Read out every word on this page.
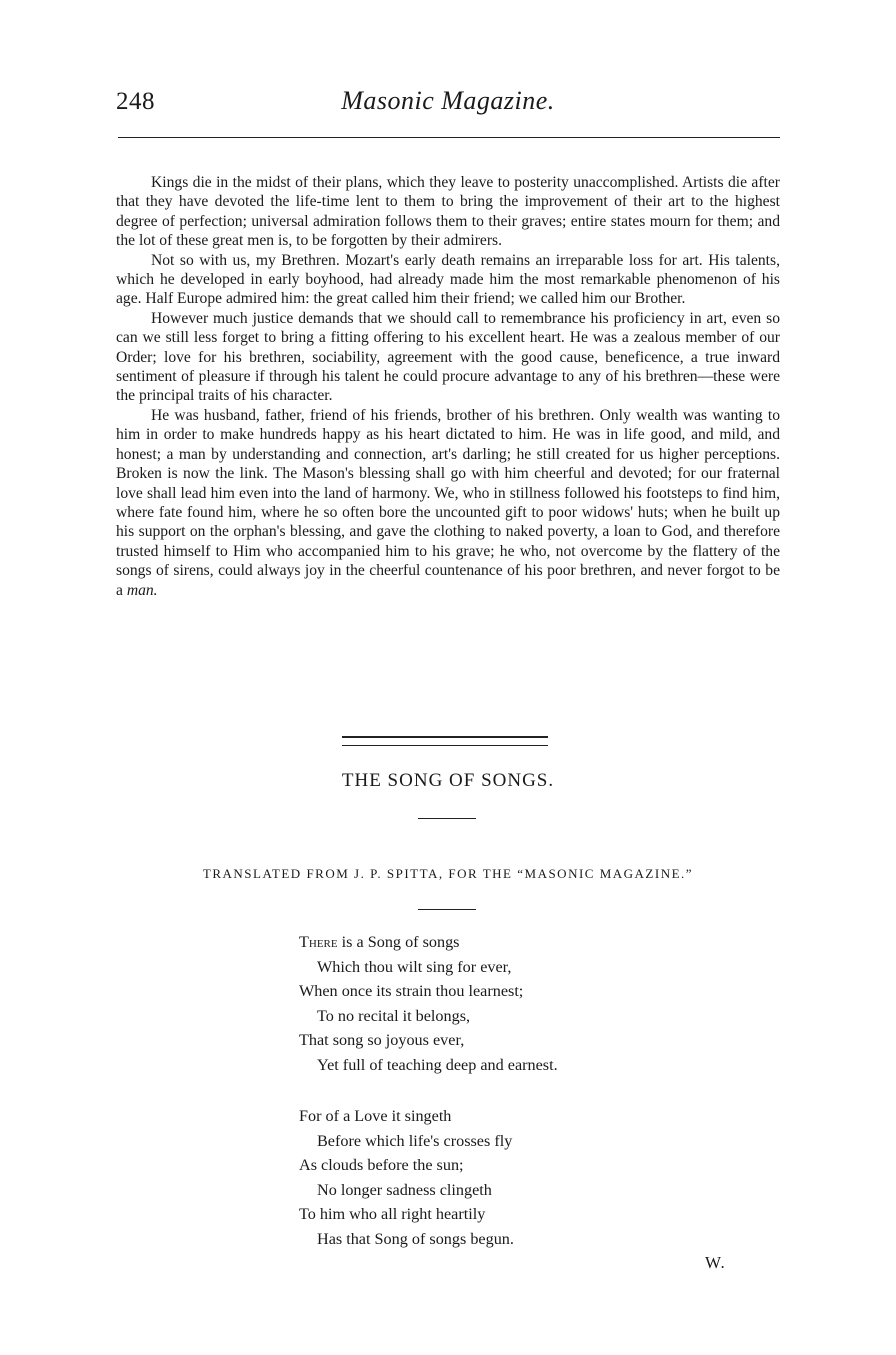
248	Masonic Magazine.

Kings die in the midst of their plans, which they leave to posterity unaccomplished. Artists die after that they have devoted the life-time lent to them to bring the improvement of their art to the highest degree of perfection; universal admiration follows them to their graves; entire states mourn for them; and the lot of these great men is, to be forgotten by their admirers.

Not so with us, my Brethren. Mozart's early death remains an irreparable loss for art. His talents, which he developed in early boyhood, had already made him the most remarkable phenomenon of his age. Half Europe admired him: the great called him their friend; we called him our Brother.

However much justice demands that we should call to remembrance his proficiency in art, even so can we still less forget to bring a fitting offering to his excellent heart. He was a zealous member of our Order; love for his brethren, sociability, agreement with the good cause, beneficence, a true inward sentiment of pleasure if through his talent he could procure advantage to any of his brethren—these were the principal traits of his character.

He was husband, father, friend of his friends, brother of his brethren. Only wealth was wanting to him in order to make hundreds happy as his heart dictated to him. He was in life good, and mild, and honest; a man by understanding and connection, art's darling; he still created for us higher perceptions. Broken is now the link. The Mason's blessing shall go with him cheerful and devoted; for our fraternal love shall lead him even into the land of harmony. We, who in stillness followed his footsteps to find him, where fate found him, where he so often bore the uncounted gift to poor widows' huts; when he built up his support on the orphan's blessing, and gave the clothing to naked poverty, a loan to God, and therefore trusted himself to Him who accompanied him to his grave; he who, not overcome by the flattery of the songs of sirens, could always joy in the cheerful countenance of his poor brethren, and never forgot to be a man.

THE SONG OF SONGS.
TRANSLATED FROM J. P. SPITTA, FOR THE “MASONIC MAGAZINE.”
There is a Song of songs
Which thou wilt sing for ever,
When once its strain thou learnest;
To no recital it belongs,
That song so joyous ever,
Yet full of teaching deep and earnest.
For of a Love it singeth
Before which life's crosses fly
As clouds before the sun;
No longer sadness clingeth
To him who all right heartily
Has that Song of songs begun.
W.
